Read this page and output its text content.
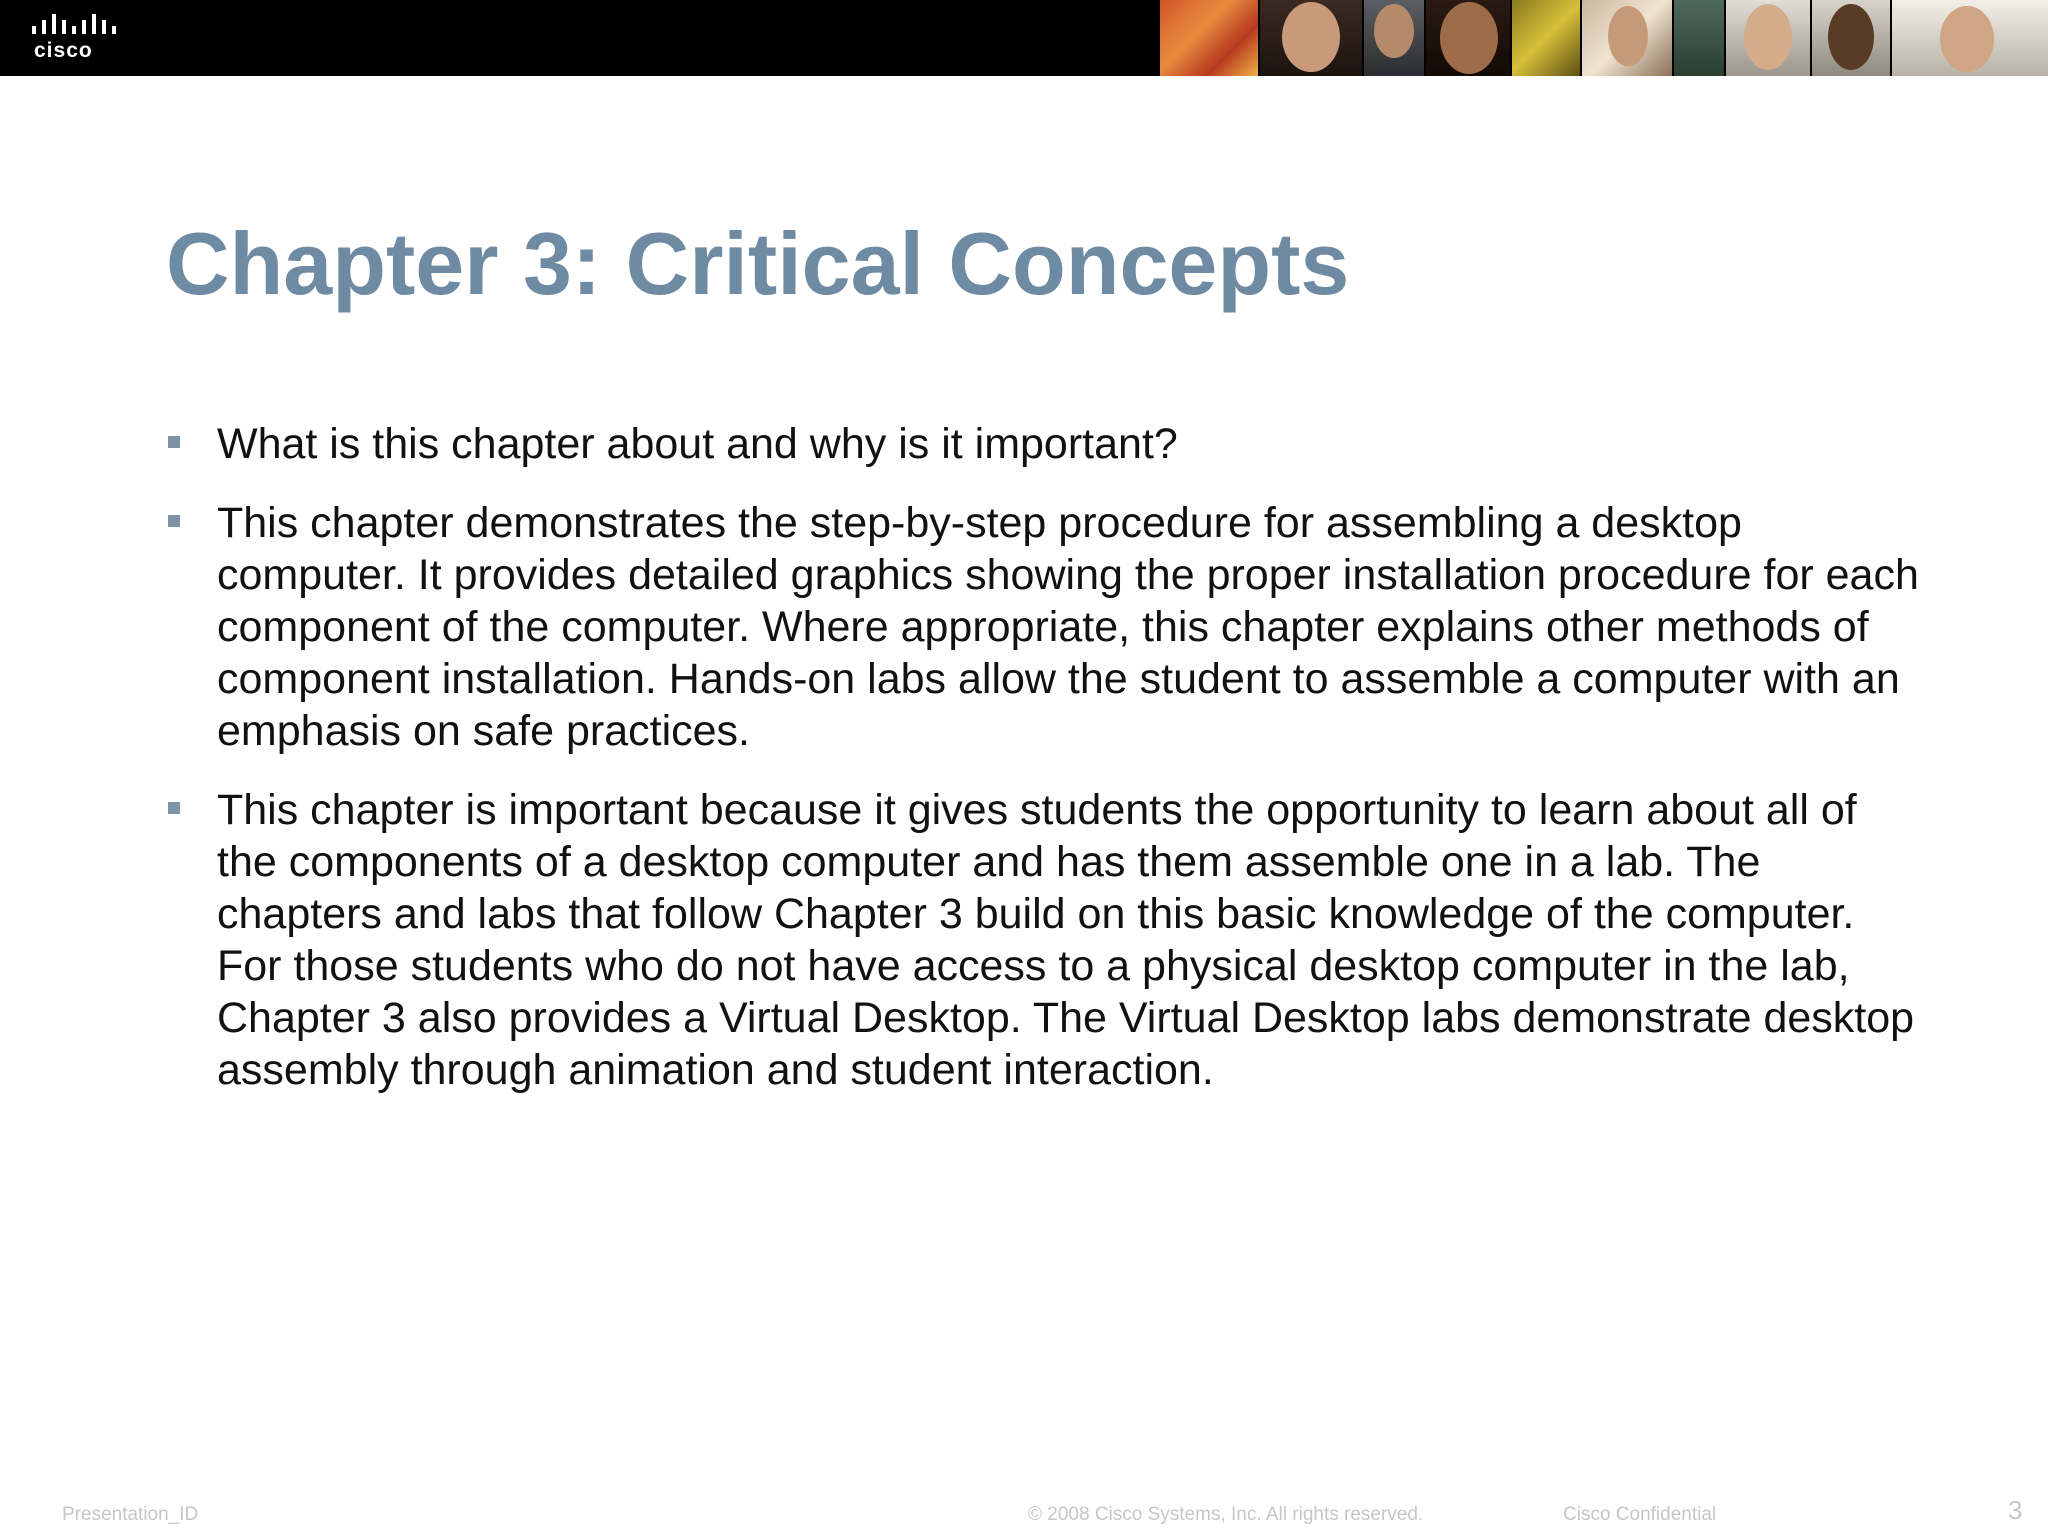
cisco
Chapter 3: Critical Concepts
What is this chapter about and why is it important?
This chapter demonstrates the step-by-step procedure for assembling a desktop computer. It provides detailed graphics showing the proper installation procedure for each component of the computer. Where appropriate, this chapter explains other methods of component installation. Hands-on labs allow the student to assemble a computer with an emphasis on safe practices.
This chapter is important because it gives students the opportunity to learn about all of the components of a desktop computer and has them assemble one in a lab. The chapters and labs that follow Chapter 3 build on this basic knowledge of the computer. For those students who do not have access to a physical desktop computer in the lab, Chapter 3 also provides a Virtual Desktop. The Virtual Desktop labs demonstrate desktop assembly through animation and student interaction.
Presentation_ID	© 2008 Cisco Systems, Inc. All rights reserved.	Cisco Confidential	3
